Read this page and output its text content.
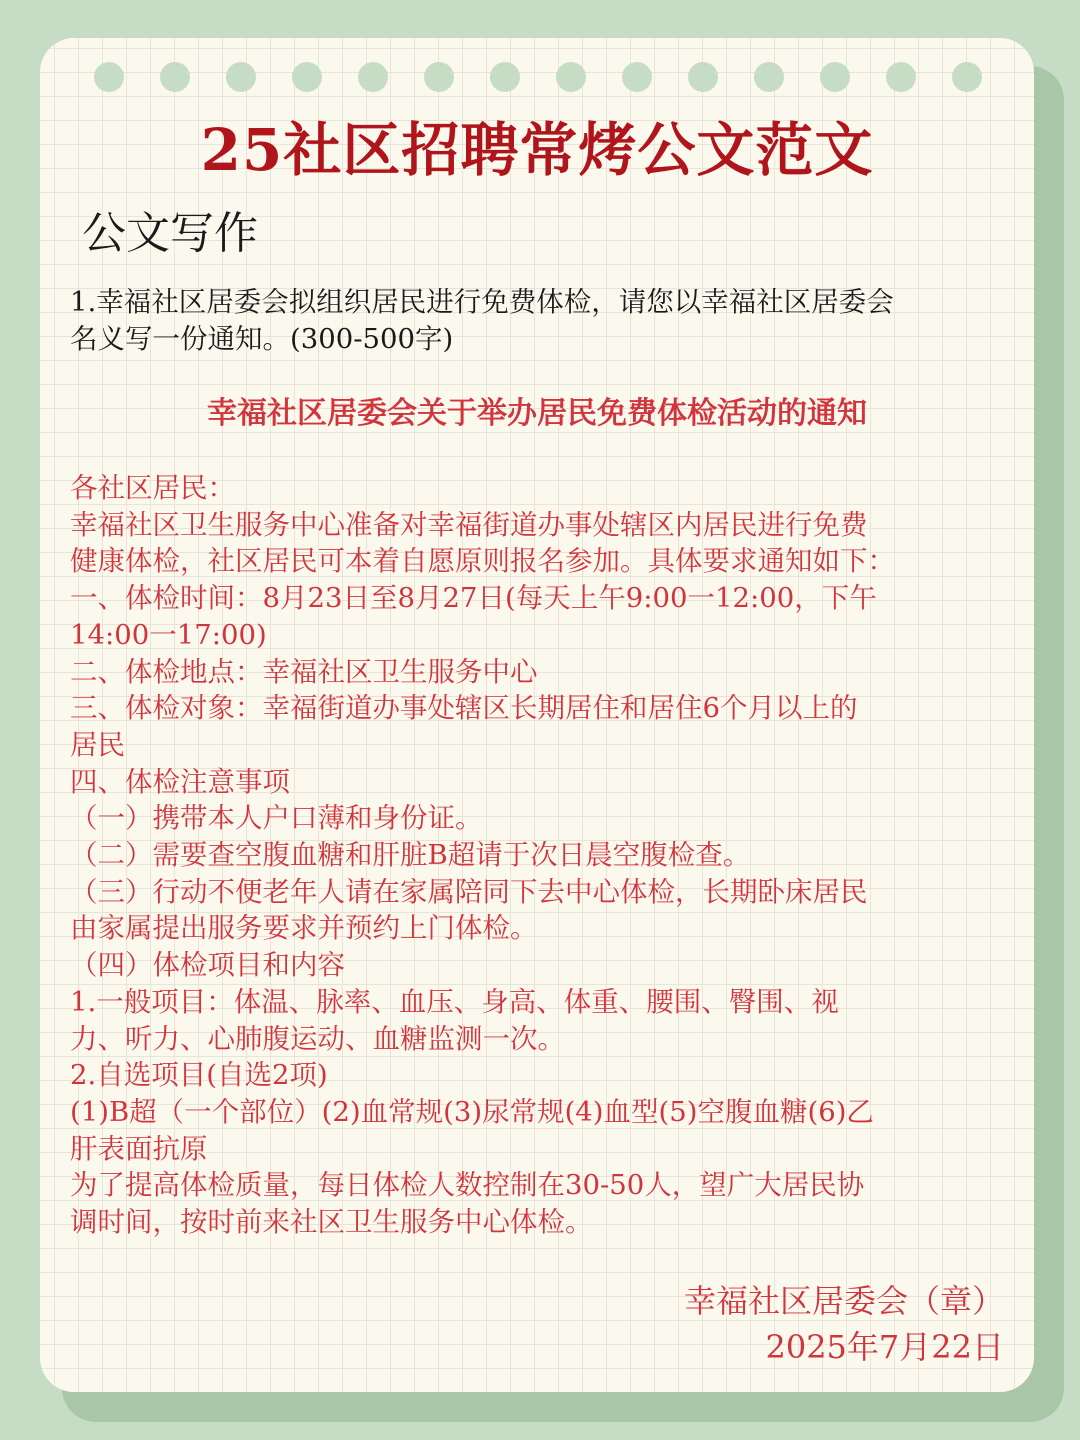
25社区招聘常烤公文范文
公文写作
1.幸福社区居委会拟组织居民进行免费体检，请您以幸福社区居委会
名义写一份通知。(300-500字)
幸福社区居委会关于举办居民免费体检活动的通知
各社区居民：
幸福社区卫生服务中心准备对幸福街道办事处辖区内居民进行免费
健康体检，社区居民可本着自愿原则报名参加。具体要求通知如下：
一、体检时间：8月23日至8月27日(每天上午9:00一12:00，下午
14:00一17:00)
二、体检地点：幸福社区卫生服务中心
三、体检对象：幸福街道办事处辖区长期居住和居住6个月以上的
居民
四、体检注意事项
（一）携带本人户口薄和身份证。
（二）需要查空腹血糖和肝脏B超请于次日晨空腹检查。
（三）行动不便老年人请在家属陪同下去中心体检，长期卧床居民
由家属提出服务要求并预约上门体检。
（四）体检项目和内容
1.一般项目：体温、脉率、血压、身高、体重、腰围、臀围、视
力、听力、心肺腹运动、血糖监测一次。
2.自选项目(自选2项)
(1)B超（一个部位）(2)血常规(3)尿常规(4)血型(5)空腹血糖(6)乙
肝表面抗原
为了提高体检质量，每日体检人数控制在30-50人，望广大居民协
调时间，按时前来社区卫生服务中心体检。
幸福社区居委会（章）
2025年7月22日
